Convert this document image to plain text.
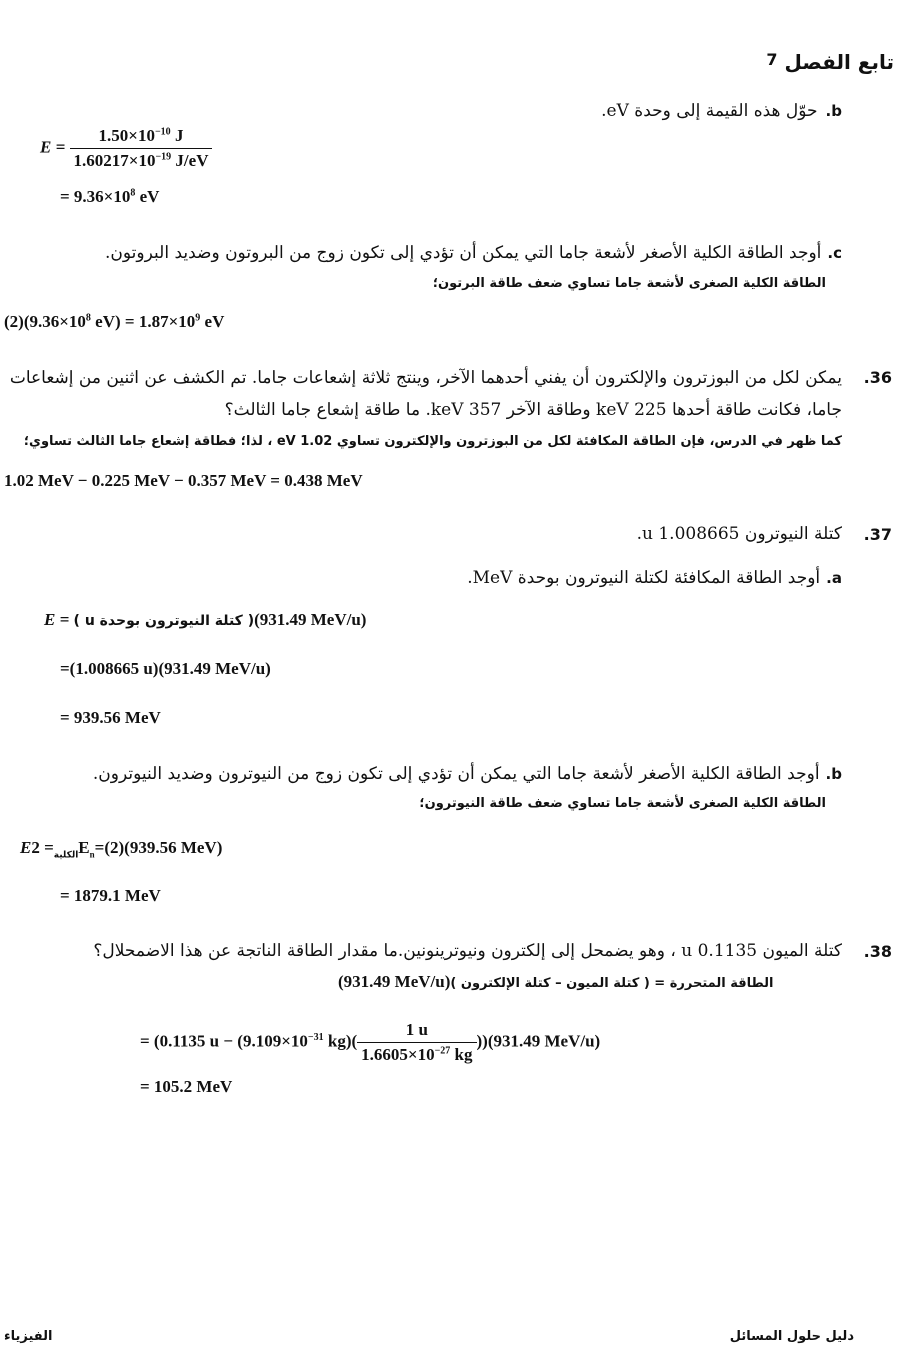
تابع الفصل $^7$
b.حوّل هذه القيمة إلى وحدة eV.
$E = \frac{1.50\times 10^{-10} J}{1.60217\times 10^{-19} J/eV}$
= $9.36\times 10^8$ eV
c.أوجد الطاقة الكلية الأصغر لأشعة جاما التي يمكن أن تؤدي إلى تكون زوج من البروتون وضديد البروتون.
الطاقة الكلية الصغرى لأشعة جاما تساوي ضعف طاقة البرتون؛
$(2)(9.36\times 10^8$ $eV) = 1.87\times 10^9$ eV
.36
يمكن لكل من البوزترون والإلكترون أن يفني أحدهما الآخر، وينتج ثلاثة إشعاعات جاما. تم الكشف عن اثنين من إشعاعات
جاما، فكانت طاقة أحدها 225 keV وطاقة الآخر 357 keV. ما طاقة إشعاع جاما الثالث؟
كما ظهر في الدرس، فإن الطاقة المكافئة لكل من البوزترون والإلكترون تساوي 1.02 eV ، لذا؛ فطاقة إشعاع جاما الثالث تساوي؛
1.02 MeV − 0.225 MeV − 0.357 MeV = 0.438 MeV
.37
كتلة النيوترون 1.008665 u.
a.أوجد الطاقة المكافئة لكتلة النيوترون بوحدة MeV.
E = ( كتلة النيوترون بوحدة u )(931.49 MeV/u)
=(1.008665 u)(931.49 MeV/u)
= 939.56 MeV
b.أوجد الطاقة الكلية الأصغر لأشعة جاما التي يمكن أن تؤدي إلى تكون زوج من النيوترون وضديد النيوترون.
الطاقة الكلية الصغرى لأشعة جاما تساوي ضعف طاقة النيوترون؛
E $_{الكلية}= 2E_n=(2)(939.56$ MeV)
= 1879.1 MeV
.38
كتلة الميون 0.1135 u ، وهو يضمحل إلى إلكترون ونيوترينونين.ما مقدار الطاقة الناتجة عن هذا الاضمحلال؟
(931.49 MeV/u)الطاقة المتحررة = ( كتلة الميون – كتلة الإلكترون )
= (0.1135 $u - (9.109\times 10^{-31}$ $kg)( \frac{1 u}{1.6605\times 10^{-27} kg} ))(931.49$ MeV/u)
= 105.2 MeV
الفيزياء	دليل حلول المسائل
